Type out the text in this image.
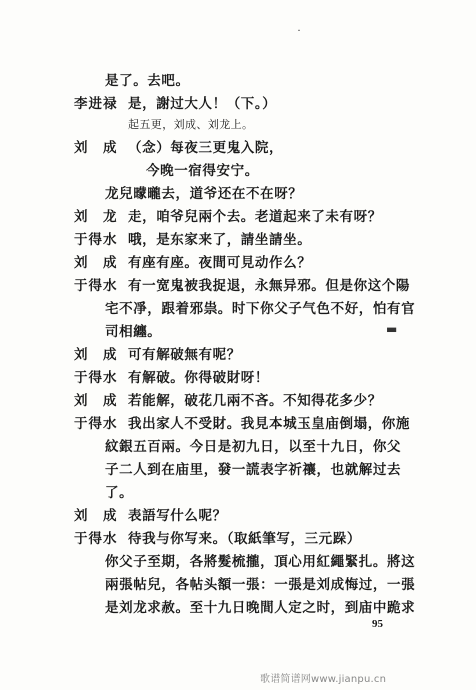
是了。去吧。
李进禄 是，謝过大人！（下。）
起五更，刘成、刘龙上。
刘　成 （念）每夜三更鬼入院，
今晚一宿得安宁。
龙兒曚曨去，道爷还在不在呀？
刘　龙 走，咱爷兒兩个去。老道起来了未有呀？
于得水 哦，是东家来了，請坐請坐。
刘　成 有座有座。夜間可見动作么？
于得水 有一宽鬼被我捉退，永無异邪。但是你这个陽
宅不凈，跟着邪祟。时下你父子气色不好，怕有官
司相纏。
刘　成 可有解破無有呢？
于得水 有解破。你得破財呀！
刘　成 若能解，破花几兩不吝。不知得花多少？
于得水 我出家人不受財。我見本城玉皇庙倒塌，你施
紋銀五百兩。今日是初九日，以至十九日，你父
子二人到在庙里，發一謊表字祈禳，也就解过去
了。
刘　成 表語写什么呢？
于得水 待我与你写来。（取紙筆写，三元跺）
你父子至期，各將髮梳攏，頂心用紅繩緊扎。將这
兩張帖兒，各帖头額一張：一張是刘成悔过，一張
是刘龙求赦。至十九日晚間人定之时，到庙中跪求
˙
▬
95
歌谱简谱网www.jianpu.cn
